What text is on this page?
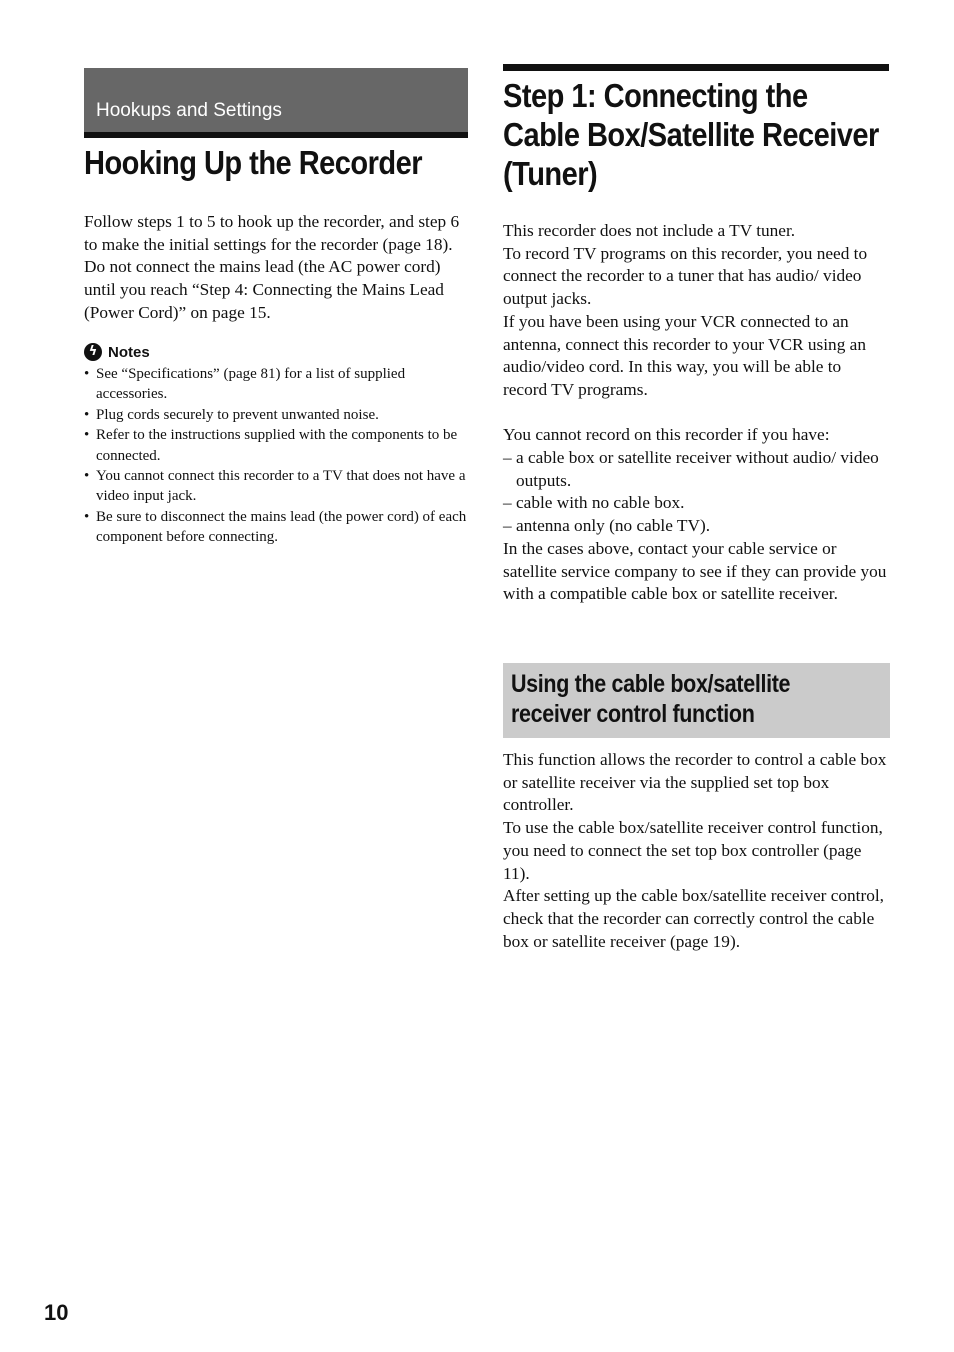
Hookups and Settings
Hooking Up the Recorder

Follow steps 1 to 5 to hook up the recorder, and step 6 to make the initial settings for the recorder (page 18). Do not connect the mains lead (the AC power cord) until you reach “Step 4: Connecting the Mains Lead (Power Cord)” on page 15.

ϟ Notes
• See “Specifications” (page 81) for a list of supplied accessories.
• Plug cords securely to prevent unwanted noise.
• Refer to the instructions supplied with the components to be connected.
• You cannot connect this recorder to a TV that does not have a video input jack.
• Be sure to disconnect the mains lead (the power cord) of each component before connecting.
Step 1: Connecting the Cable Box/Satellite Receiver (Tuner)
This recorder does not include a TV tuner.
To record TV programs on this recorder, you need to connect the recorder to a tuner that has audio/ video output jacks.
If you have been using your VCR connected to an antenna, connect this recorder to your VCR using an audio/video cord. In this way, you will be able to record TV programs.
You cannot record on this recorder if you have:
– a cable box or satellite receiver without audio/ video outputs.
– cable with no cable box.
– antenna only (no cable TV).
In the cases above, contact your cable service or satellite service company to see if they can provide you with a compatible cable box or satellite receiver.
Using the cable box/satellite receiver control function
This function allows the recorder to control a cable box or satellite receiver via the supplied set top box controller.
To use the cable box/satellite receiver control function, you need to connect the set top box controller (page 11).
After setting up the cable box/satellite receiver control, check that the recorder can correctly control the cable box or satellite receiver (page 19).
10
